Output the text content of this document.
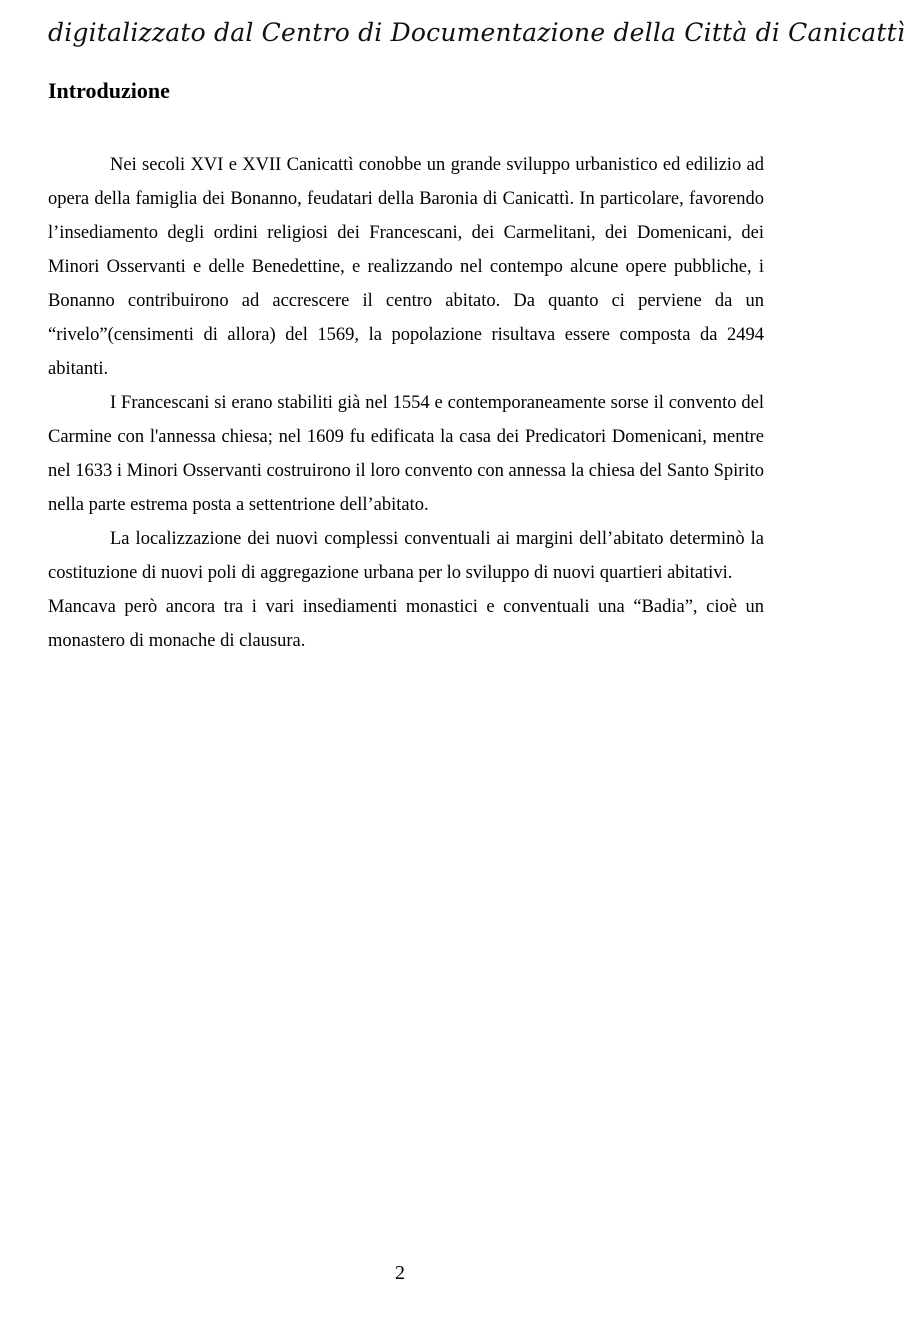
digitalizzato dal Centro di Documentazione della Città di Canicattì
Introduzione

Nei secoli XVI e XVII Canicattì conobbe un grande sviluppo urbanistico ed edilizio ad opera della famiglia dei Bonanno, feudatari della Baronia di Canicattì. In particolare, favorendo l’insediamento degli ordini religiosi dei Francescani, dei Carmelitani, dei Domenicani, dei Minori Osservanti e delle Benedettine, e realizzando nel contempo alcune opere pubbliche, i Bonanno contribuirono ad accrescere il centro abitato. Da quanto ci perviene da un “rivelo”(censimenti di allora) del 1569, la popolazione risultava essere composta da 2494 abitanti.

I Francescani si erano stabiliti già nel 1554 e contemporaneamente sorse il convento del Carmine con l'annessa chiesa; nel 1609 fu edificata la casa dei Predicatori Domenicani, mentre nel 1633 i Minori Osservanti costruirono il loro convento con annessa la chiesa del Santo Spirito nella parte estrema posta a settentrione dell’abitato.

La localizzazione dei nuovi complessi conventuali ai margini dell’abitato determinò la costituzione di nuovi poli di aggregazione urbana per lo sviluppo di nuovi quartieri abitativi.

Mancava però ancora tra i vari insediamenti monastici e conventuali una “Badia”, cioè un monastero di monache di clausura.

2
